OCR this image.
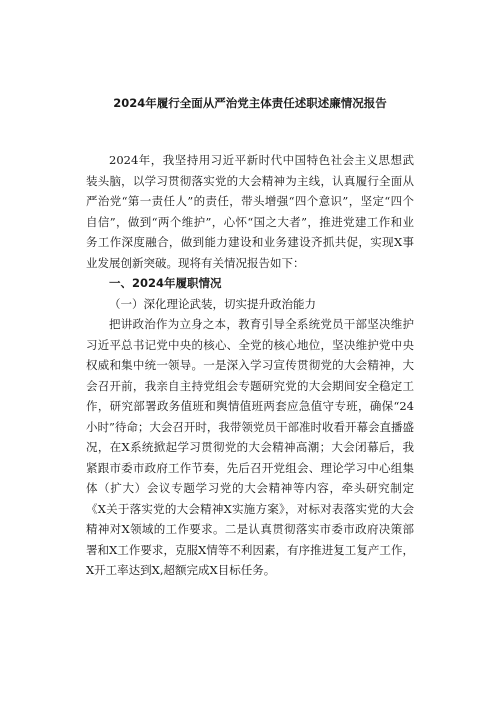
2024年履行全面从严治党主体责任述职述廉情况报告

2024年，我坚持用习近平新时代中国特色社会主义思想武装头脑，以学习贯彻落实党的大会精神为主线，认真履行全面从严治党“第一责任人”的责任，带头增强“四个意识”，坚定“四个自信”，做到“两个维护”，心怀“国之大者”，推进党建工作和业务工作深度融合，做到能力建设和业务建设齐抓共促，实现X事业发展创新突破。现将有关情况报告如下：

一、2024年履职情况

（一）深化理论武装，切实提升政治能力

把讲政治作为立身之本，教育引导全系统党员干部坚决维护习近平总书记党中央的核心、全党的核心地位，坚决维护党中央权威和集中统一领导。一是深入学习宣传贯彻党的大会精神，大会召开前，我亲自主持党组会专题研究党的大会期间安全稳定工作，研究部署政务值班和舆情值班两套应急值守专班，确保“24小时”待命；大会召开时，我带领党员干部准时收看开幕会直播盛况，在X系统掀起学习贯彻党的大会精神高潮；大会闭幕后，我紧跟市委市政府工作节奏，先后召开党组会、理论学习中心组集体（扩大）会议专题学习党的大会精神等内容，牵头研究制定《X关于落实党的大会精神X实施方案》，对标对表落实党的大会精神对X领域的工作要求。二是认真贯彻落实市委市政府决策部署和X工作要求，克服X情等不利因素，有序推进复工复产工作，X开工率达到X,超额完成X目标任务。
